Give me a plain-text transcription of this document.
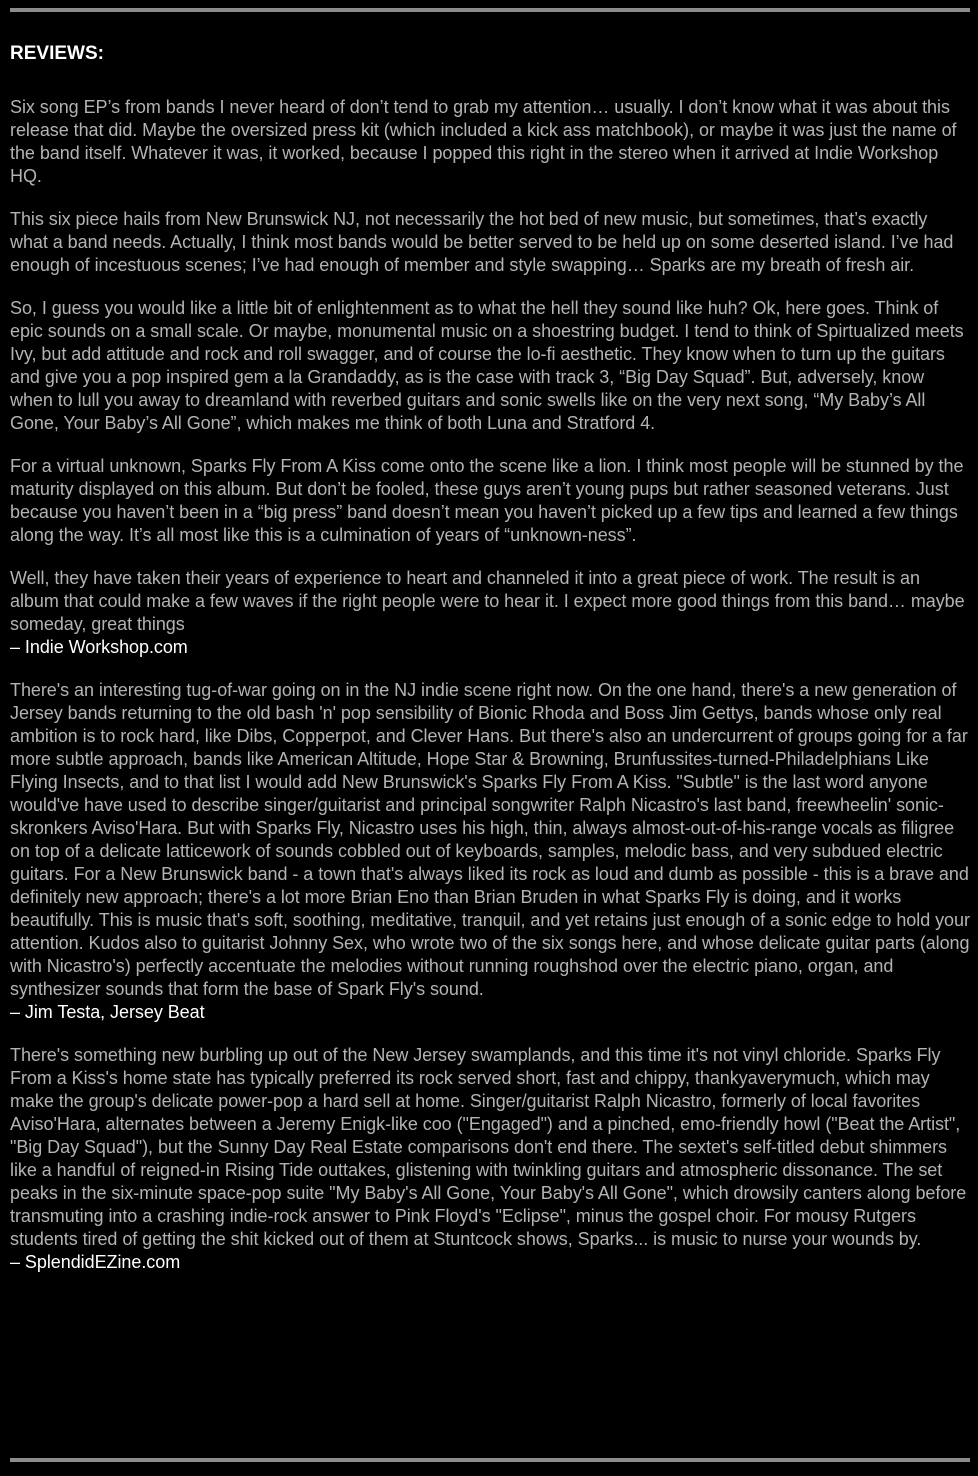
REVIEWS:

Six song EP’s from bands I never heard of don’t tend to grab my attention… usually. I don’t know what it was about this release that did. Maybe the oversized press kit (which included a kick ass matchbook), or maybe it was just the name of the band itself. Whatever it was, it worked, because I popped this right in the stereo when it arrived at Indie Workshop HQ.

This six piece hails from New Brunswick NJ, not necessarily the hot bed of new music, but sometimes, that’s exactly what a band needs. Actually, I think most bands would be better served to be held up on some deserted island. I’ve had enough of incestuous scenes; I’ve had enough of member and style swapping… Sparks are my breath of fresh air.

So, I guess you would like a little bit of enlightenment as to what the hell they sound like huh? Ok, here goes. Think of epic sounds on a small scale. Or maybe, monumental music on a shoestring budget. I tend to think of Spirtualized meets Ivy, but add attitude and rock and roll swagger, and of course the lo-fi aesthetic. They know when to turn up the guitars and give you a pop inspired gem a la Grandaddy, as is the case with track 3, “Big Day Squad”. But, adversely, know when to lull you away to dreamland with reverbed guitars and sonic swells like on the very next song, “My Baby’s All Gone, Your Baby’s All Gone”, which makes me think of both Luna and Stratford 4.

For a virtual unknown, Sparks Fly From A Kiss come onto the scene like a lion. I think most people will be stunned by the maturity displayed on this album. But don’t be fooled, these guys aren’t young pups but rather seasoned veterans. Just because you haven’t been in a “big press” band doesn’t mean you haven’t picked up a few tips and learned a few things along the way. It’s all most like this is a culmination of years of “unknown-ness”.

Well, they have taken their years of experience to heart and channeled it into a great piece of work. The result is an album that could make a few waves if the right people were to hear it. I expect more good things from this band… maybe someday, great things
– Indie Workshop.com

There's an interesting tug-of-war going on in the NJ indie scene right now. On the one hand, there's a new generation of Jersey bands returning to the old bash 'n' pop sensibility of Bionic Rhoda and Boss Jim Gettys, bands whose only real ambition is to rock hard, like Dibs, Copperpot, and Clever Hans. But there's also an undercurrent of groups going for a far more subtle approach, bands like American Altitude, Hope Star & Browning, Brunfussites-turned-Philadelphians Like Flying Insects, and to that list I would add New Brunswick's Sparks Fly From A Kiss. "Subtle" is the last word anyone would've have used to describe singer/guitarist and principal songwriter Ralph Nicastro's last band, freewheelin' sonic-skronkers Aviso'Hara. But with Sparks Fly, Nicastro uses his high, thin, always almost-out-of-his-range vocals as filigree on top of a delicate latticework of sounds cobbled out of keyboards, samples, melodic bass, and very subdued electric guitars. For a New Brunswick band - a town that's always liked its rock as loud and dumb as possible - this is a brave and definitely new approach; there's a lot more Brian Eno than Brian Bruden in what Sparks Fly is doing, and it works beautifully. This is music that's soft, soothing, meditative, tranquil, and yet retains just enough of a sonic edge to hold your attention. Kudos also to guitarist Johnny Sex, who wrote two of the six songs here, and whose delicate guitar parts (along with Nicastro's) perfectly accentuate the melodies without running roughshod over the electric piano, organ, and synthesizer sounds that form the base of Spark Fly's sound.
– Jim Testa, Jersey Beat

There's something new burbling up out of the New Jersey swamplands, and this time it's not vinyl chloride. Sparks Fly From a Kiss's home state has typically preferred its rock served short, fast and chippy, thankyaverymuch, which may make the group's delicate power-pop a hard sell at home. Singer/guitarist Ralph Nicastro, formerly of local favorites Aviso'Hara, alternates between a Jeremy Enigk-like coo ("Engaged") and a pinched, emo-friendly howl ("Beat the Artist", "Big Day Squad"), but the Sunny Day Real Estate comparisons don't end there. The sextet's self-titled debut shimmers like a handful of reigned-in Rising Tide outtakes, glistening with twinkling guitars and atmospheric dissonance. The set peaks in the six-minute space-pop suite "My Baby's All Gone, Your Baby's All Gone", which drowsily canters along before transmuting into a crashing indie-rock answer to Pink Floyd's "Eclipse", minus the gospel choir. For mousy Rutgers students tired of getting the shit kicked out of them at Stuntcock shows, Sparks... is music to nurse your wounds by.
– SplendidEZine.com
